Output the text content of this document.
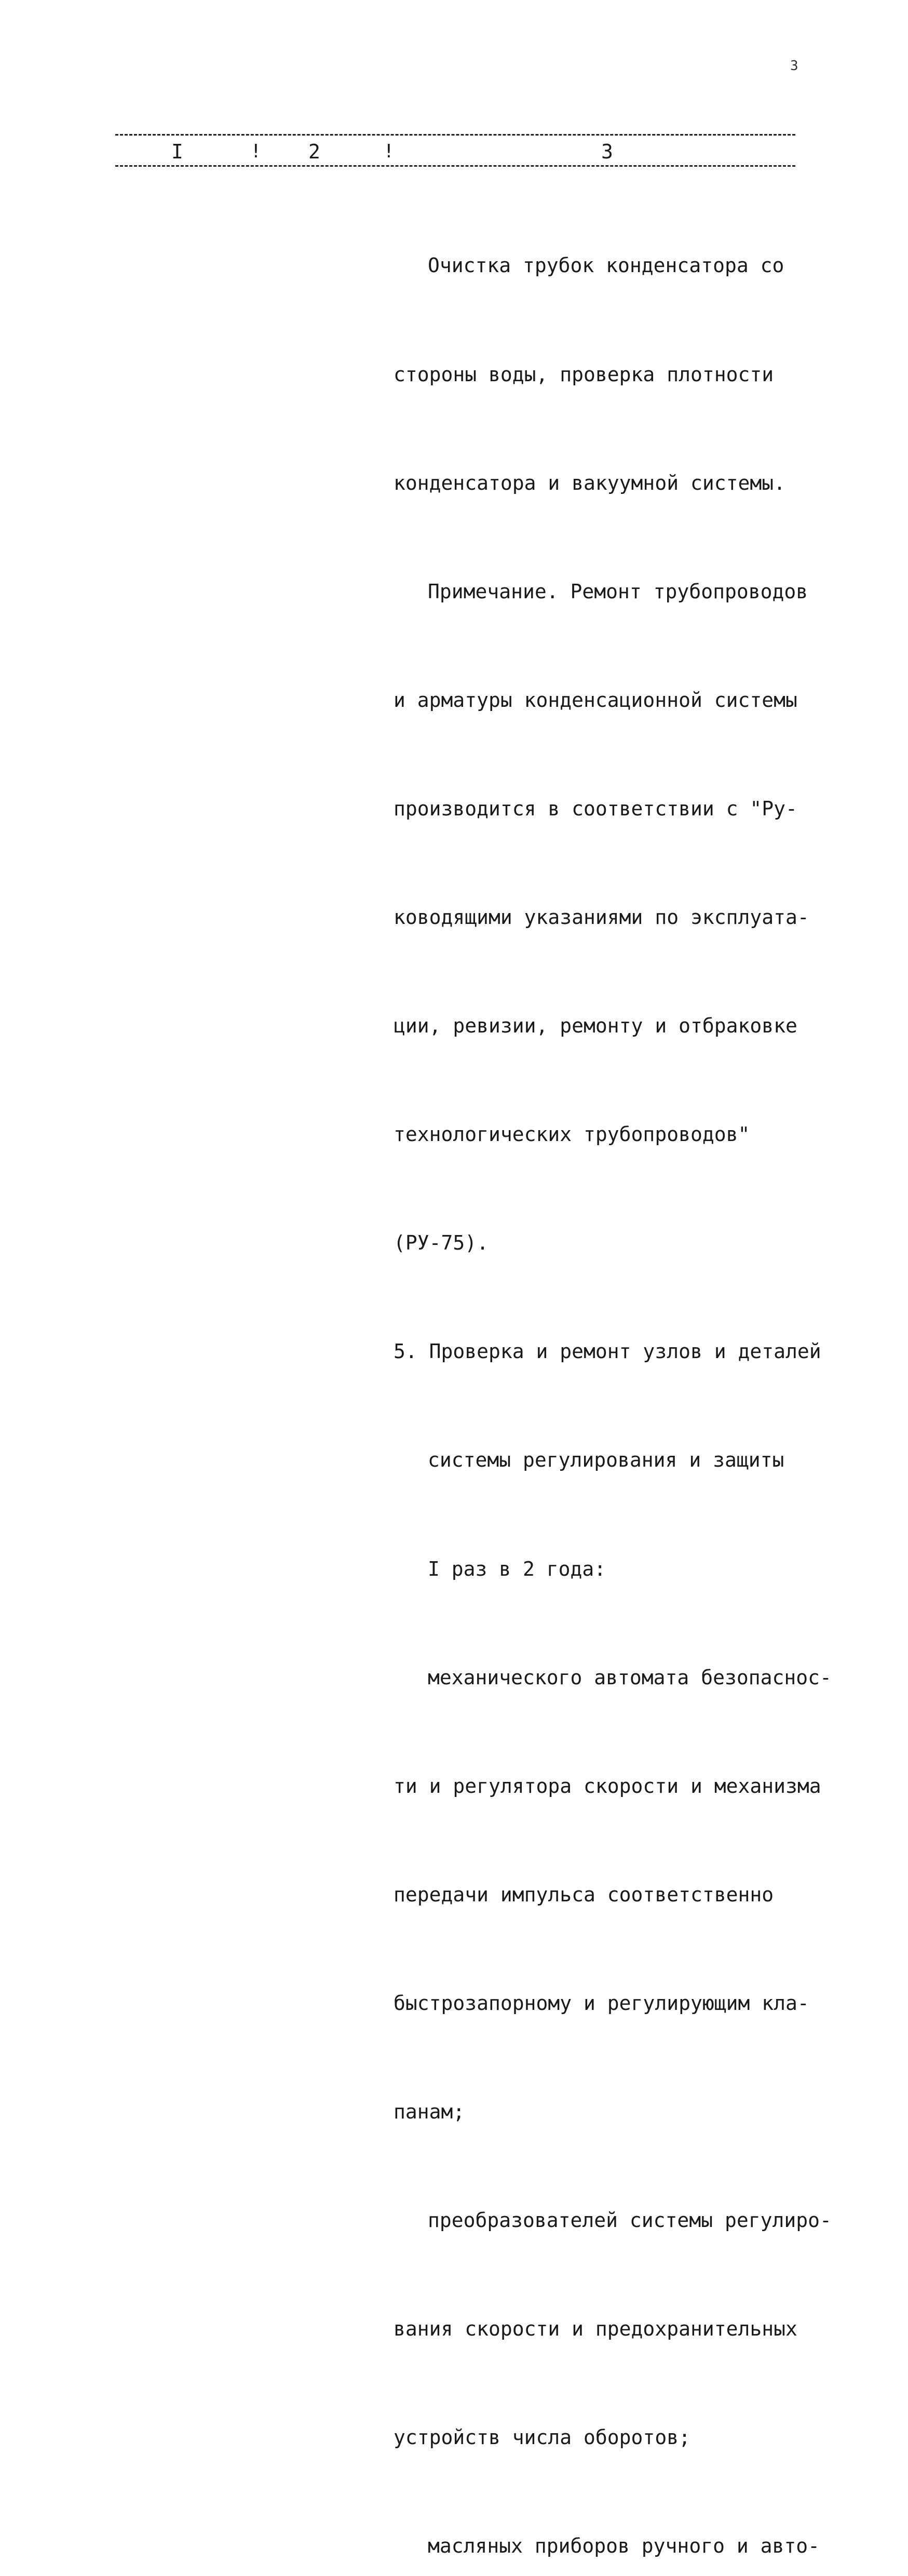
3
I	! 2	!	3

Очистка трубок конденсатора со

стороны воды, проверка плотности

конденсатора и вакуумной системы.

Примечание. Ремонт трубопроводов

и арматуры конденсационной системы

производится в соответствии с "Ру-

ководящими указаниями по эксплуата-

ции, ревизии, ремонту и отбраковке

технологических трубопроводов"

(РУ-75).

5. Проверка и ремонт узлов и деталей

системы регулирования и защиты

I раз в 2 года:

механического автомата безопаснос-

ти и регулятора скорости и механизма

передачи импульса соответственно

быстрозапорному и регулирующим кла-

панам;

преобразователей системы регулиро-

вания скорости и предохранительных

устройств числа оборотов;

масляных приборов ручного и авто-
